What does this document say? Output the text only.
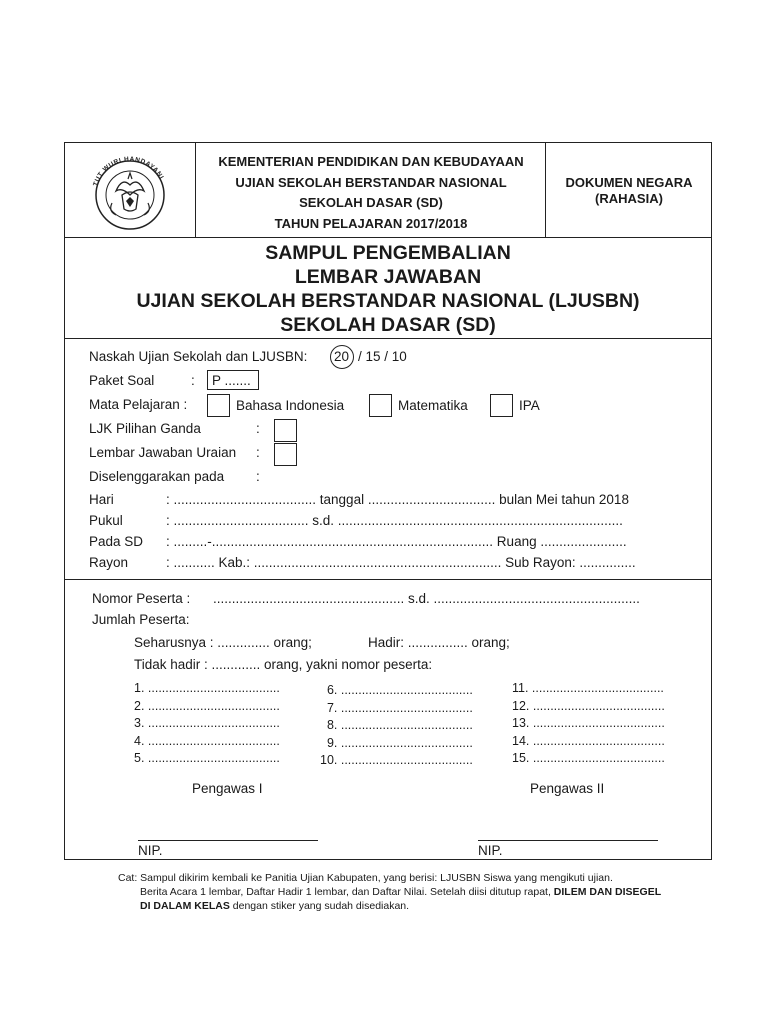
TUT WURI HANDAYANI
KEMENTERIAN PENDIDIKAN DAN KEBUDAYAAN
UJIAN SEKOLAH BERSTANDAR NASIONAL
SEKOLAH DASAR (SD)
TAHUN PELAJARAN 2017/2018
DOKUMEN NEGARA
(RAHASIA)
SAMPUL PENGEMBALIAN
LEMBAR JAWABAN
UJIAN SEKOLAH BERSTANDAR NASIONAL (LJUSBN)
SEKOLAH DASAR (SD)
Naskah Ujian Sekolah dan LJUSBN: 20 / 15 / 10
Paket Soal	: P .......
Mata Pelajaran :	Bahasa Indonesia	Matematika	IPA
LJK Pilihan Ganda	:
Lembar Jawaban Uraian :
Diselenggarakan pada :
Hari	: ...................................... tanggal .................................. bulan Mei tahun 2018
Pukul	: .................................... s.d. ............................................................................
Pada SD : .........-........................................................................... Ruang .......................
Rayon	: ........... Kab.: .................................................................. Sub Rayon: ...............
Nomor Peserta : ................................................... s.d. .......................................................
Jumlah Peserta:
Seharusnya : .............. orang;	Hadir: ................ orang;
Tidak hadir : ............. orang, yakni nomor peserta:
1. ......................................
2. ......................................
3. ......................................
4. ......................................
5. ......................................
6. ......................................
7. ......................................
8. ......................................
9. ......................................
10. ......................................
11. ......................................
12. ......................................
13. ......................................
14. ......................................
15. ......................................
Pengawas I	Pengawas II
NIP.	NIP.
Cat: Sampul dikirim kembali ke Panitia Ujian Kabupaten, yang berisi: LJUSBN Siswa yang mengikuti ujian.
Berita Acara 1 lembar, Daftar Hadir 1 lembar, dan Daftar Nilai. Setelah diisi ditutup rapat, DILEM DAN DISEGEL
DI DALAM KELAS dengan stiker yang sudah disediakan.
